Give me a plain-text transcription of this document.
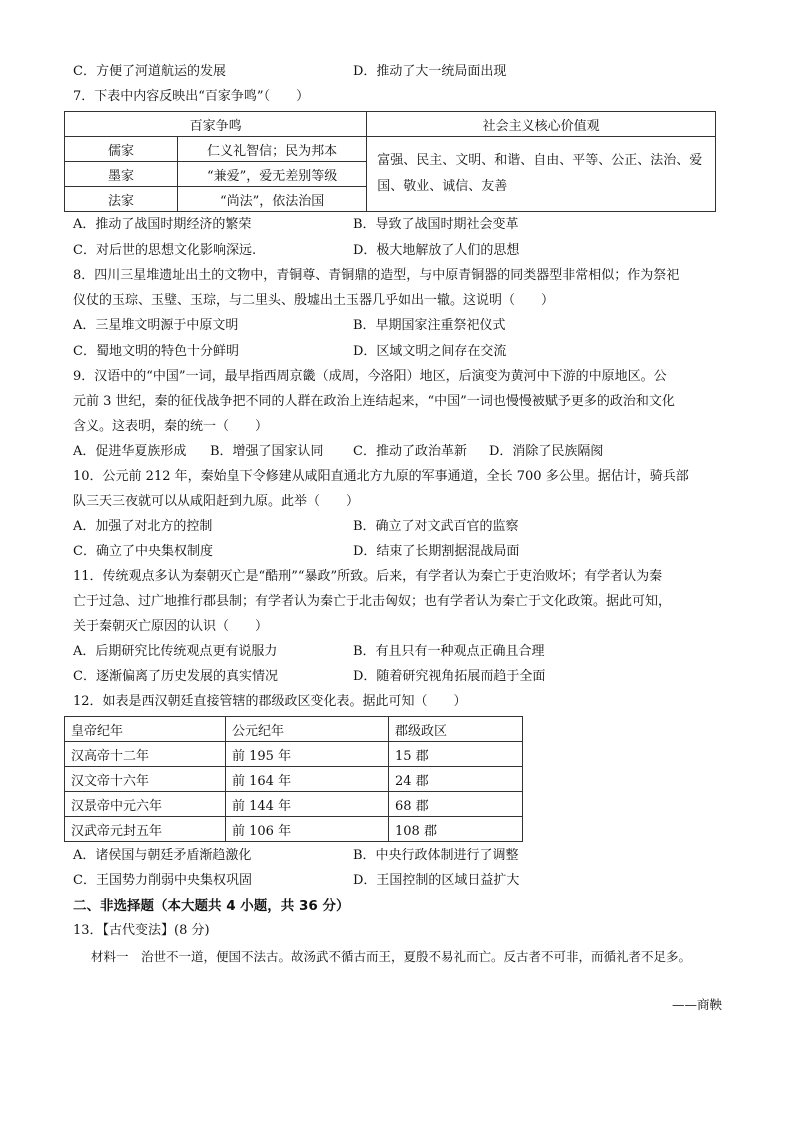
C．方便了河道航运的发展	D．推动了大一统局面出现
7．下表中内容反映出“百家争鸣”（　　）
百家争鸣		社会主义核心价值观
儒家	仁义礼智信；民为邦本	富强、民主、文明、和谐、自由、平等、公正、法治、爱国、敬业、诚信、友善
墨家	“兼爱”，爱无差别等级	
法家	“尚法”，依法治国	
A．推动了战国时期经济的繁荣	B．导致了战国时期社会变革
C．对后世的思想文化影响深远.	D．极大地解放了人们的思想
8．四川三星堆遗址出土的文物中，青铜尊、青铜鼎的造型，与中原青铜器的同类器型非常相似；作为祭祀
仪仗的玉琮、玉璧、玉琮，与二里头、殷墟出土玉器几乎如出一辙。这说明（　　）
A．三星堆文明源于中原文明	B．早期国家注重祭祀仪式
C．蜀地文明的特色十分鲜明	D．区域文明之间存在交流
9．汉语中的“中国”一词，最早指西周京畿（成周，今洛阳）地区，后演变为黄河中下游的中原地区。公
元前 3 世纪，秦的征伐战争把不同的人群在政治上连结起来，“中国”一词也慢慢被赋予更多的政治和文化
含义。这表明，秦的统一（　　）
A．促进华夏族形成 B．增强了国家认同 C．推动了政治革新 D．消除了民族隔阂
10．公元前 212 年，秦始皇下令修建从咸阳直通北方九原的军事通道，全长 700 多公里。据估计，骑兵部
队三天三夜就可以从咸阳赶到九原。此举（　　）
A．加强了对北方的控制	B．确立了对文武百官的监察
C．确立了中央集权制度	D．结束了长期割据混战局面
11．传统观点多认为秦朝灭亡是“酷刑”“暴政”所致。后来，有学者认为秦亡于吏治败坏；有学者认为秦
亡于过急、过广地推行郡县制；有学者认为秦亡于北击匈奴；也有学者认为秦亡于文化政策。据此可知，
关于秦朝灭亡原因的认识（　　）
A．后期研究比传统观点更有说服力	B．有且只有一种观点正确且合理
C．逐渐偏离了历史发展的真实情况	D．随着研究视角拓展而趋于全面
12．如表是西汉朝廷直接管辖的郡级政区变化表。据此可知（　　）
皇帝纪年	公元纪年	郡级政区
汉高帝十二年	前 195 年	15 郡
汉文帝十六年	前 164 年	24 郡
汉景帝中元六年	前 144 年	68 郡
汉武帝元封五年	前 106 年	108 郡
A．诸侯国与朝廷矛盾渐趋激化	B．中央行政体制进行了调整
C．王国势力削弱中央集权巩固	D．王国控制的区域日益扩大
二、非选择题（本大题共 4 小题，共 36 分）
13．【古代变法】(8 分)
材料一　治世不一道，便国不法古。故汤武不循古而王，夏殷不易礼而亡。反古者不可非，而循礼者不足多。
——商鞅
